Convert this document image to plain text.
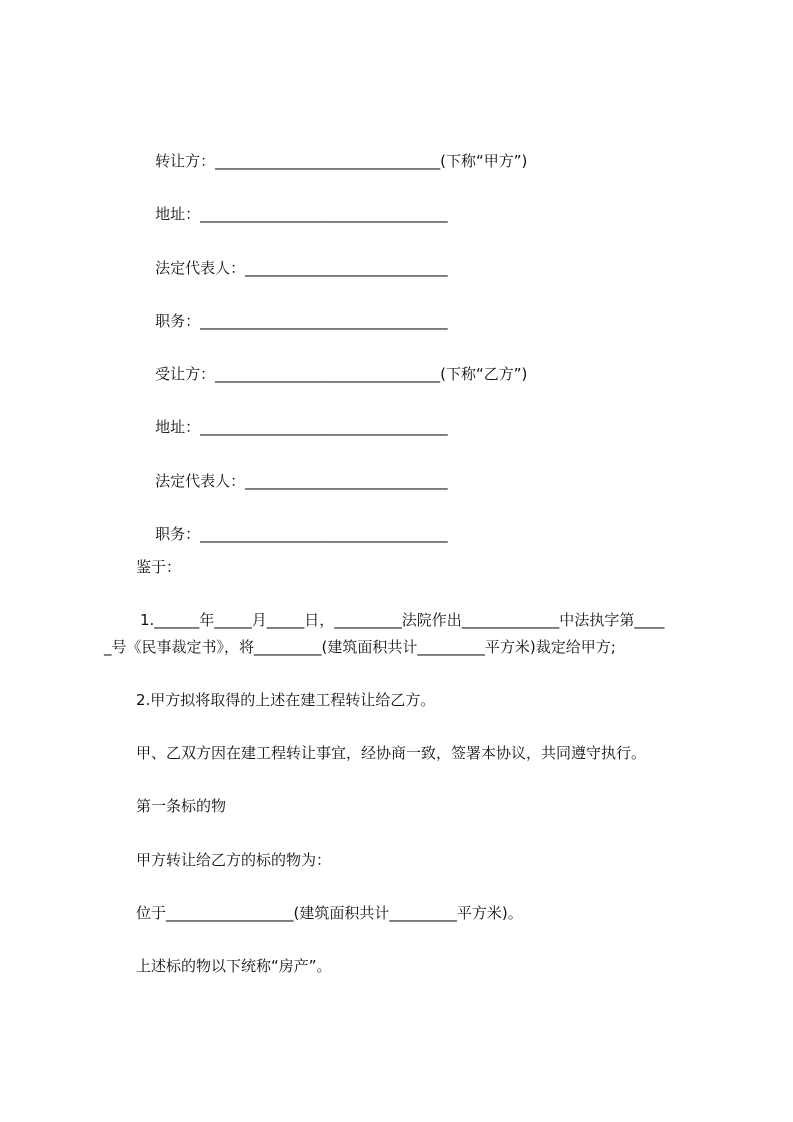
转让方：______________________________(下称“甲方”)

地址：_________________________________

法定代表人：___________________________

职务：_________________________________

受让方：______________________________(下称“乙方”)

地址：_________________________________

法定代表人：___________________________

职务：_________________________________

鉴于：
1.______年_____月_____日，_________法院作出_____________中法执字第____
_号《民事裁定书》，将_________(建筑面积共计_________平方米)裁定给甲方;
2.甲方拟将取得的上述在建工程转让给乙方。
甲、乙双方因在建工程转让事宜，经协商一致，签署本协议，共同遵守执行。
第一条标的物
甲方转让给乙方的标的物为：
位于_________________(建筑面积共计_________平方米)。
上述标的物以下统称“房产”。
